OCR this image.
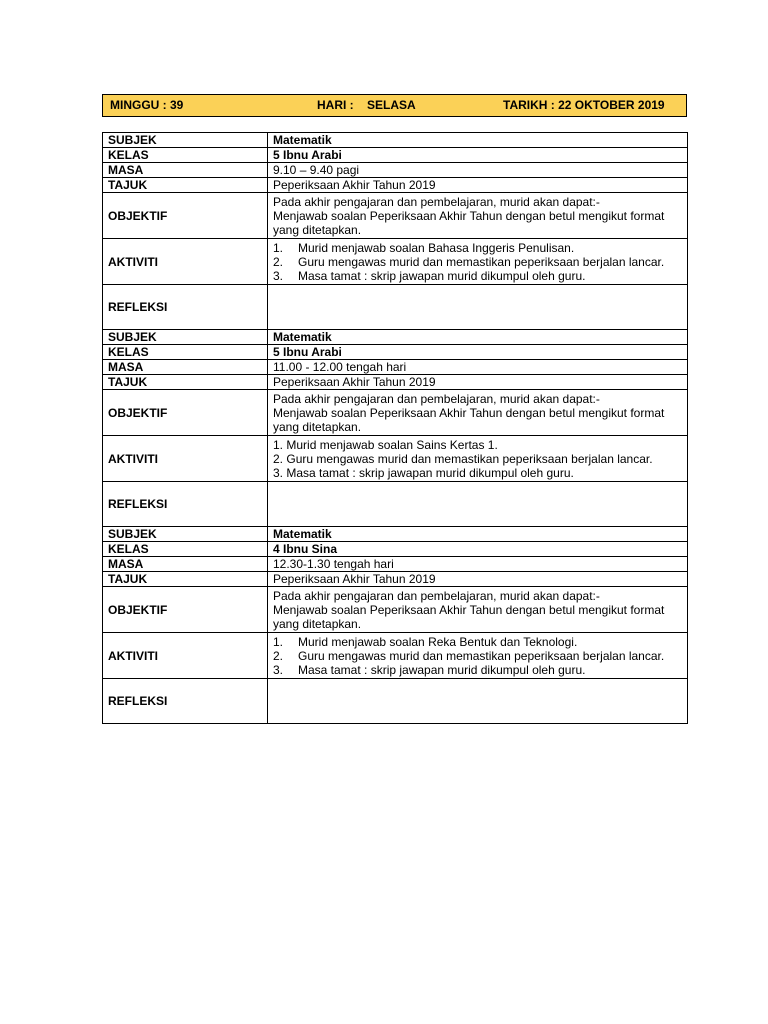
MINGGU : 39	HARI :    SELASA	TARIKH : 22 OKTOBER 2019
SUBJEK	Matematik
KELAS	5 Ibnu Arabi
MASA	9.10 – 9.40 pagi
TAJUK	Peperiksaan Akhir Tahun 2019
OBJEKTIF	Pada akhir pengajaran dan pembelajaran, murid akan dapat:-
Menjawab soalan Peperiksaan Akhir Tahun dengan betul mengikut format
yang ditetapkan.

AKTIVITI	1. Murid menjawab soalan Bahasa Inggeris Penulisan.
2. Guru mengawas murid dan memastikan peperiksaan berjalan lancar.
3. Masa tamat : skrip jawapan murid dikumpul oleh guru.

REFLEKSI	
SUBJEK	Matematik
KELAS	5 Ibnu Arabi
MASA	11.00 - 12.00 tengah hari
TAJUK	Peperiksaan Akhir Tahun 2019
OBJEKTIF	Pada akhir pengajaran dan pembelajaran, murid akan dapat:-
Menjawab soalan Peperiksaan Akhir Tahun dengan betul mengikut format
yang ditetapkan.

AKTIVITI	1. Murid menjawab soalan Sains Kertas 1.
2. Guru mengawas murid dan memastikan peperiksaan berjalan lancar.
3. Masa tamat : skrip jawapan murid dikumpul oleh guru.

REFLEKSI	
SUBJEK	Matematik
KELAS	4 Ibnu Sina
MASA	12.30-1.30 tengah hari
TAJUK	Peperiksaan Akhir Tahun 2019
OBJEKTIF	Pada akhir pengajaran dan pembelajaran, murid akan dapat:-
Menjawab soalan Peperiksaan Akhir Tahun dengan betul mengikut format
yang ditetapkan.

AKTIVITI	1. Murid menjawab soalan Reka Bentuk dan Teknologi.
2. Guru mengawas murid dan memastikan peperiksaan berjalan lancar.
3. Masa tamat : skrip jawapan murid dikumpul oleh guru.

REFLEKSI	
